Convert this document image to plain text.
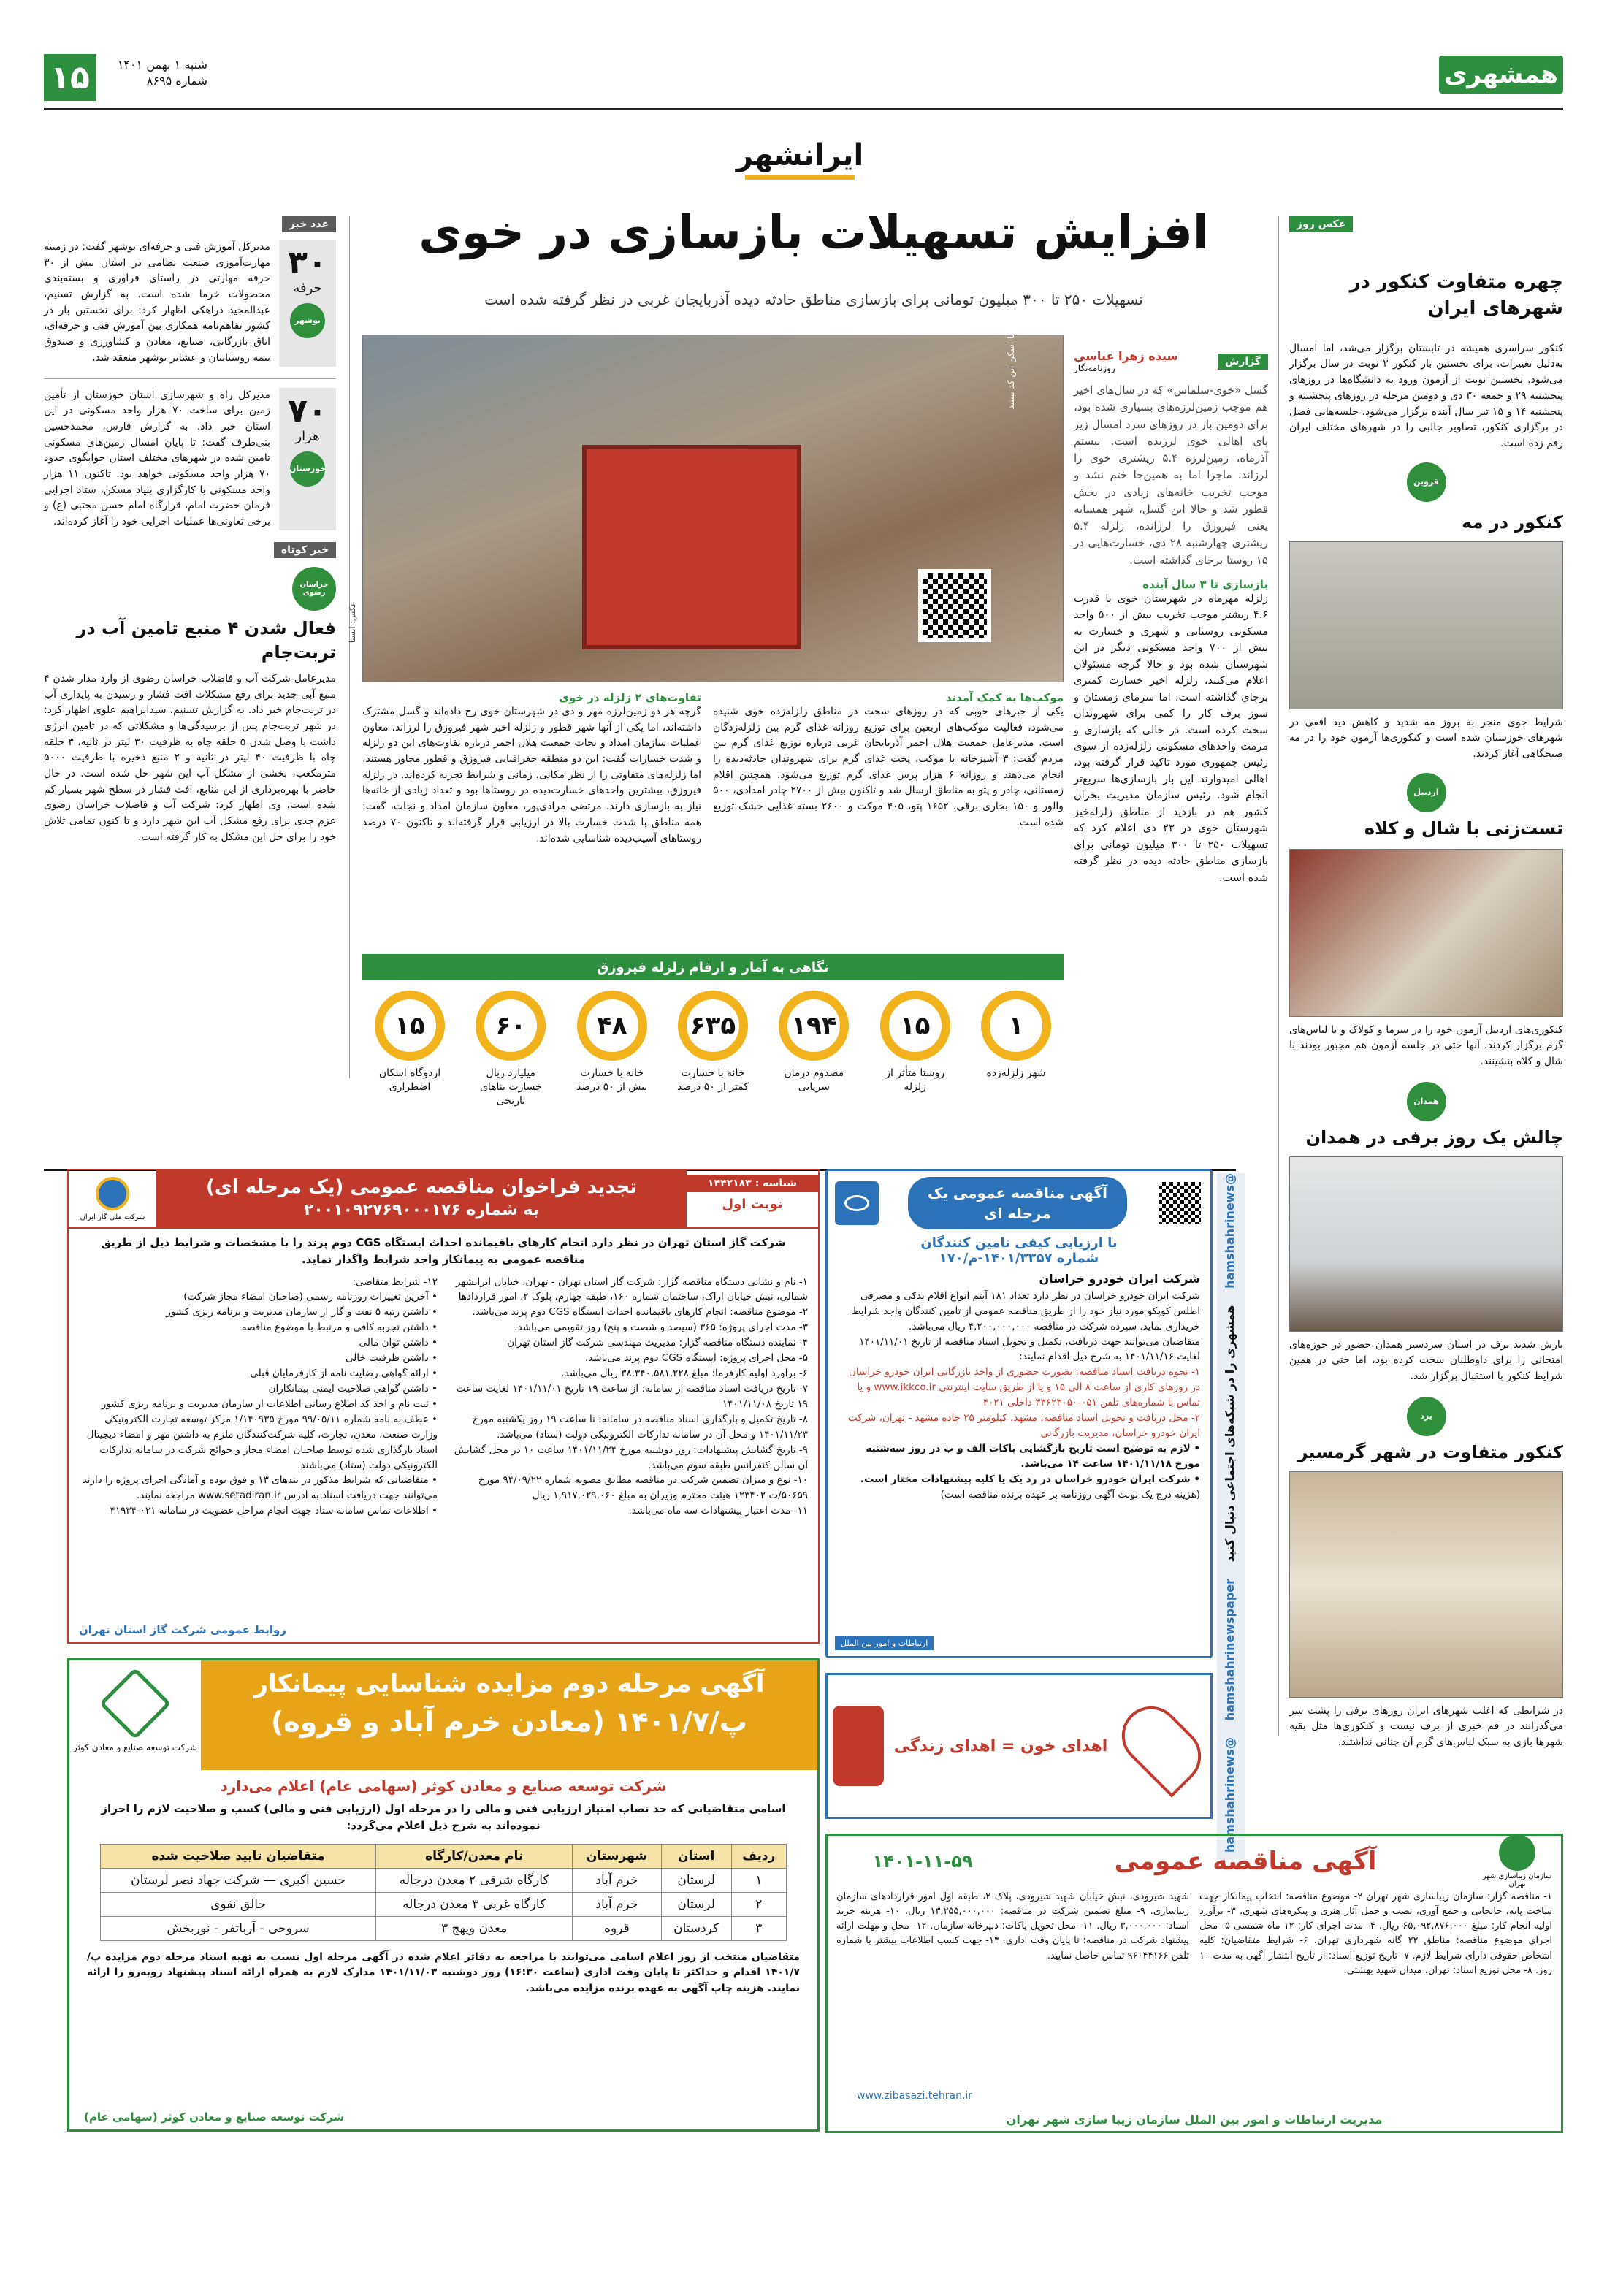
۱۵	شنبه ۱ بهمن ۱۴۰۱
شماره ۸۶۹۵	همشهری
ایرانشهر
عکس روز
چهره متفاوت کنکور در شهرهای ایران

کنکور سراسری همیشه در تابستان برگزار می‌شد، اما امسال به‌دلیل تغییرات، برای نخستین بار کنکور ۲ نوبت در سال برگزار می‌شود. نخستین نوبت از آزمون ورود به دانشگاه‌ها در روزهای پنجشنبه ۲۹ و جمعه ۳۰ دی و دومین مرحله در روزهای پنجشنبه و پنجشنبه ۱۴ و ۱۵ تیر سال آینده برگزار می‌شود. جلسه‌هایی فصل در برگزاری کنکور، تصاویر جالبی را در شهرهای مختلف ایران رقم زده است.

قزوین
کنکور در مه

شرایط جوی منجر به بروز مه شدید و کاهش دید افقی در شهرهای خوزستان شده است و کنکوری‌ها آزمون خود را در مه صبحگاهی آغاز کردند.

اردبیل
تست‌زنی با شال و کلاه

کنکوری‌های اردبیل آزمون خود را در سرما و کولاک و با لباس‌های گرم برگزار کردند. آنها حتی در جلسه آزمون هم مجبور بودند با شال و کلاه بنشینند.

همدان
چالش یک روز برفی در همدان

بارش شدید برف در استان سردسیر همدان حضور در حوزه‌های امتحانی را برای داوطلبان سخت کرده بود، اما حتی در همین شرایط کنکور با استقبال برگزار شد.

یزد
کنکور متفاوت در شهر گرمسیر

در شرایطی که اغلب شهرهای ایران روزهای برفی را پشت سر می‌گذرانند در قم خبری از برف نیست و کنکوری‌ها مثل بقیه شهرها بازی به سبک لباس‌های گرم آن چنانی نداشتند.

عدد خبر
۳۰
حرفه
بوشهر

مدیرکل آموزش فنی و حرفه‌ای بوشهر گفت: در زمینه مهارت‌آموزی صنعت نظامی در استان بیش از ۳۰ حرفه مهارتی در راستای فراوری و بسته‌بندی محصولات خرما شده است. به گزارش تسنیم، عبدالمجید دراهکی اظهار کرد: برای نخستین بار در کشور تفاهم‌نامه همکاری بین آموزش فنی و حرفه‌ای، اتاق بازرگانی، صنایع، معادن و کشاورزی و صندوق بیمه روستاییان و عشایر بوشهر منعقد شد.

۷۰
هزار
خوزستان

مدیرکل راه و شهرسازی استان خوزستان از تأمین زمین برای ساخت ۷۰ هزار واحد مسکونی در این استان خبر داد. به گزارش فارس، محمدحسین بنی‌طرف گفت: تا پایان امسال زمین‌های مسکونی تامین شده در شهرهای مختلف استان جوابگوی حدود ۷۰ هزار واحد مسکونی خواهد بود. تاکنون ۱۱ هزار واحد مسکونی با کارگزاری بنیاد مسکن، ستاد اجرایی فرمان حضرت امام، قرارگاه امام حسن مجتبی (ع) و برخی تعاونی‌ها عملیات اجرایی خود را آغاز کرده‌اند.

خبر کوتاه
خراسان رضوی
فعال شدن ۴ منبع تامین آب در تربت‌جام

مدیرعامل شرکت آب و فاضلاب خراسان رضوی از وارد مدار شدن ۴ منبع آبی جدید برای رفع مشکلات افت فشار و رسیدن به پایداری آب در تربت‌جام خبر داد. به گزارش تسنیم، سیدابراهیم علوی اظهار کرد: در شهر تربت‌جام پس از برسیدگی‌ها و مشکلاتی که در تامین انرژی داشت با وصل شدن ۵ حلقه چاه به ظرفیت ۳۰ لیتر در ثانیه، ۳ حلقه چاه با ظرفیت ۴۰ لیتر در ثانیه و ۲ منبع ذخیره با ظرفیت ۵۰۰۰ مترمکعب، بخشی از مشکل آب این شهر حل شده است. در حال حاضر با بهره‌برداری از این منابع، افت فشار در سطح شهر بسیار کم شده است. وی اظهار کرد: شرکت آب و فاضلاب خراسان رضوی عزم جدی برای رفع مشکل آب این شهر دارد و تا کنون تمامی تلاش خود را برای حل این مشکل به کار گرفته است.

افزایش تسهیلات بازسازی در خوی
تسهیلات ۲۵۰ تا ۳۰۰ میلیون تومانی برای بازسازی مناطق حادثه دیده آذربایجان غربی در نظر گرفته شده است
فیلم گزارش را با اسکن این کد ببینید
عکس: ایسنا
گزارش
سیده زهرا عباسی
روزنامه‌نگار

گسل «خوی-سلماس» که در سال‌های اخیر هم موجب زمین‌لرزه‌های بسیاری شده بود، برای دومین بار در روزهای سرد امسال زیر پای اهالی خوی لرزیده است. بیستم آذرماه، زمین‌لرزه ۵.۴ ریشتری خوی را لرزاند. ماجرا اما به همین‌جا ختم نشد و موجب تخریب خانه‌های زیادی در بخش قطور شد و حالا این گسل، شهر همسایه یعنی فیروزق را لرزانده، زلزله ۵.۴ ریشتری چهارشنبه ۲۸ دی، خسارت‌هایی در ۱۵ روستا برجای گذاشته است.

بازسازی تا ۳ سال آینده

زلزله مهرماه در شهرستان خوی با قدرت ۴.۶ ریشتر موجب تخریب بیش از ۵۰۰ واحد مسکونی روستایی و شهری و خسارت به بیش از ۷۰۰ واحد مسکونی دیگر در این شهرستان شده بود و حالا گرچه مسئولان اعلام می‌کنند، زلزله اخیر خسارت کمتری برجای گذاشته است، اما سرمای زمستان و سوز برف کار را کمی برای شهروندان سخت کرده است. در حالی که بازسازی و مرمت واحدهای مسکونی زلزله‌زده از سوی رئیس جمهوری مورد تاکید قرار گرفته بود، اهالی امیدوارند این بار بازسازی‌ها سریع‌تر انجام شود. رئیس سازمان مدیریت بحران کشور هم در بازدید از مناطق زلزله‌خیز شهرستان خوی در ۲۳ دی اعلام کرد که تسهیلات ۲۵۰ تا ۳۰۰ میلیون تومانی برای بازسازی مناطق حادثه دیده در نظر گرفته شده است.

موکب‌ها به کمک آمدند

یکی از خبرهای خوبی که در روزهای سخت در مناطق زلزله‌زده خوی شنیده می‌شود، فعالیت موکب‌های اربعین برای توزیع روزانه غذای گرم بین زلزله‌زدگان است. مدیرعامل جمعیت هلال احمر آذربایجان غربی درباره توزیع غذای گرم بین مردم گفت: ۳ آشپزخانه با موکب، پخت غذای گرم برای شهروندان حادثه‌دیده را انجام می‌دهند و روزانه ۶ هزار پرس غذای گرم توزیع می‌شود. همچنین اقلام زمستانی، چادر و پتو به مناطق ارسال شد و تاکنون بیش از ۲۷۰۰ چادر امدادی، ۵۰۰ والور و ۱۵۰ بخاری برقی، ۱۶۵۲ پتو، ۴۰۵ موکت و ۲۶۰۰ بسته غذایی خشک توزیع شده است.

تفاوت‌های ۲ زلزله در خوی

گرچه هر دو زمین‌لرزه مهر و دی در شهرستان خوی رخ داده‌اند و گسل مشترک داشته‌اند، اما یکی از آنها شهر قطور و زلزله اخیر شهر فیروزق را لرزاند. معاون عملیات سازمان امداد و نجات جمعیت هلال احمر درباره تفاوت‌های این دو زلزله و شدت خسارات گفت: این دو منطقه جغرافیایی فیروزق و قطور مجاور هستند، اما زلزله‌های متفاوتی را از نظر مکانی، زمانی و شرایط تجربه کرده‌اند. در زلزله فیروزق، بیشترین واحدهای خسارت‌دیده در روستاها بود و تعداد زیادی از خانه‌ها نیاز به بازسازی دارند. مرتضی مرادی‌پور، معاون سازمان امداد و نجات، گفت: همه مناطق با شدت خسارت بالا در ارزیابی قرار گرفته‌اند و تاکنون ۷۰ درصد روستاهای آسیب‌دیده شناسایی شده‌اند.

نگاهی به آمار و ارقام زلزله فیروزق
۱
شهر زلزله‌زده
۱۵
روستا متأثر از زلزله
۱۹۴
مصدوم درمان سرپایی
۶۳۵
خانه با خسارت کمتر از ۵۰ درصد
۴۸
خانه با خسارت بیش از ۵۰ درصد
۶۰
میلیارد ریال خسارت بناهای تاریخی
۱۵
اردوگاه اسکان اضطراری
شناسه : ۱۴۴۲۱۸۳
نوبت اول
تجدید فراخوان مناقصه عمومی (یک مرحله ای)
به شماره ۲۰۰۱۰۹۲۷۶۹۰۰۰۱۷۶
شرکت ملی گاز ایران

شرکت گاز استان تهران در نظر دارد انجام کارهای باقیمانده احداث ایستگاه CGS دوم پرند را با مشخصات و شرایط ذیل از طریق مناقصه عمومی به پیمانکار واجد شرایط واگذار نماید.

۱- نام و نشانی دستگاه مناقصه گزار: شرکت گاز استان تهران - تهران، خیابان ایرانشهر شمالی، نبش خیابان اراک، ساختمان شماره ۱۶۰، طبقه چهارم، بلوک ۲، امور قراردادها
۲- موضوع مناقصه: انجام کارهای باقیمانده احداث ایستگاه CGS دوم پرند می‌باشد.
۳- مدت اجرای پروژه: ۳۶۵ (سیصد و شصت و پنج) روز تقویمی می‌باشد.
۴- نماینده دستگاه مناقصه گزار: مدیریت مهندسی شرکت گاز استان تهران
۵- محل اجرای پروژه: ایستگاه CGS دوم پرند می‌باشد.
۶- برآورد اولیه کارفرما: مبلغ ۳۸,۳۴۰,۵۸۱,۲۲۸ ریال می‌باشد.
۷- تاریخ دریافت اسناد مناقصه از سامانه: از ساعت ۱۹ تاریخ ۱۴۰۱/۱۱/۰۱ لغایت ساعت ۱۹ تاریخ ۱۴۰۱/۱۱/۰۸
۸- تاریخ تکمیل و بارگذاری اسناد مناقصه در سامانه: تا ساعت ۱۹ روز یکشنبه مورخ ۱۴۰۱/۱۱/۲۳ و محل آن در سامانه تدارکات الکترونیکی دولت (ستاد) می‌باشد.
۹- تاریخ گشایش پیشنهادات: روز دوشنبه مورخ ۱۴۰۱/۱۱/۲۴ ساعت ۱۰ در محل گشایش آن سالن کنفرانس طبقه سوم می‌باشد.
۱۰- نوع و میزان تضمین شرکت در مناقصه مطابق مصوبه شماره ۹۴/۰۹/۲۲ مورخ ۵۰۶۵۹/ت ۱۲۳۴۰۲ هیئت محترم وزیران به مبلغ ۱,۹۱۷,۰۲۹,۰۶۰ ریال
۱۱- مدت اعتبار پیشنهادات سه ماه می‌باشد.
۱۲- شرایط متقاضی:
• آخرین تغییرات روزنامه رسمی (صاحبان امضاء مجاز شرکت)
• داشتن رتبه ۵ نفت و گاز از سازمان مدیریت و برنامه ریزی کشور
• داشتن تجربه کافی و مرتبط با موضوع مناقصه
• داشتن توان مالی
• داشتن ظرفیت خالی
• ارائه گواهی رضایت نامه از کارفرمایان قبلی
• داشتن گواهی صلاحیت ایمنی پیمانکاران
• ثبت نام و اخذ کد اطلاع رسانی اطلاعات از سازمان مدیریت و برنامه ریزی کشور
• عطف به نامه شماره ۹۹/۰۵/۱۱ مورخ ۱/۱۴۰۹۳۵ مرکز توسعه تجارت الکترونیکی وزارت صنعت، معدن، تجارت، کلیه شرکت‌کنندگان ملزم به داشتن مهر و امضاء دیجیتال اسناد بارگذاری شده توسط صاحبان امضاء مجاز و حوائج شرکت در سامانه تدارکات الکترونیکی دولت (ستاد) می‌باشند.
• متقاضیانی که شرایط مذکور در بندهای ۱۳ و فوق بوده و آمادگی اجرای پروژه را دارند می‌توانند جهت دریافت اسناد به آدرس www.setadiran.ir مراجعه نمایند.
• اطلاعات تماس سامانه ستاد جهت انجام مراحل عضویت در سامانه ۰۲۱-۴۱۹۳۴
روابط عمومی شرکت گاز استان تهران
آگهی مناقصه عمومی یک مرحله ای
با ارزیابی کیفی تامین کنندگان
شماره ۱۴۰۱/۳۳۵۷-م/۱۷۰
شرکت ایران خودرو خراسان
شرکت ایران خودرو خراسان در نظر دارد تعداد ۱۸۱ آیتم انواع اقلام یدکی و مصرفی اطلس کوپکو مورد نیاز خود را از طریق مناقصه عمومی از تامین کنندگان واجد شرایط خریداری نماید. سپرده شرکت در مناقصه ۴,۲۰۰,۰۰۰,۰۰۰ ریال می‌باشد.
متقاضیان می‌توانند جهت دریافت، تکمیل و تحویل اسناد مناقصه از تاریخ ۱۴۰۱/۱۱/۰۱ لغایت ۱۴۰۱/۱۱/۱۶ به شرح ذیل اقدام نمایند:
۱- نحوه دریافت اسناد مناقصه: بصورت حضوری از واحد بازرگانی ایران خودرو خراسان در روزهای کاری از ساعت ۸ الی ۱۵ و یا از طریق سایت اینترنتی www.ikkco.ir و یا تماس با شماره‌های تلفن ۰۵۱-۳۳۶۲۳۰۵۰ داخلی ۴۰۲۱
۲- محل دریافت و تحویل اسناد مناقصه: مشهد، کیلومتر ۲۵ جاده مشهد - تهران، شرکت ایران خودرو خراسان، مدیریت بازرگانی
• لازم به توضیح است تاریخ بازگشایی پاکات الف و ب در روز سه‌شنبه مورخ ۱۴۰۱/۱۱/۱۸ ساعت ۱۴ می‌باشد.
• شرکت ایران خودرو خراسان در رد یک یا کلیه پیشنهادات مختار است.
(هزینه درج یک نوبت آگهی روزنامه بر عهده برنده مناقصه است)
ارتباطات و امور بین الملل
@hamshahrinews
همشهری را در شبکه‌های اجتماعی دنبال کنید
hamshahrinewspaper
@hamshahrinews
اهدای خون = اهدای زندگی
آگهی مرحله دوم مزایده شناسایی پیمانکار
پ/۱۴۰۱/۷ (معادن خرم آباد و قروه)
شرکت توسعه صنایع و معادن کوثر
شرکت توسعه صنایع و معادن کوثر (سهامی عام) اعلام می‌دارد

اسامی متقاضیانی که حد نصاب امتیاز ارزیابی فنی و مالی را در مرحله اول (ارزیابی فنی و مالی) کسب و صلاحیت لازم را احراز نموده‌اند به شرح ذیل اعلام می‌گردد:

ردیف	استان	شهرستان	نام معدن/کارگاه	متقاضیان تایید صلاحیت شده
۱	لرستان	خرم آباد	کارگاه شرقی ۲ معدن درجاله	حسین اکبری — شرکت جهاد نصر لرستان
۲	لرستان	خرم آباد	کارگاه غربی ۳ معدن درجاله	خالق نقوی
۳	کردستان	قروه	معدن ویهج ۳	سروحی - آرباتفر - نوربخش

متقاضیان منتخب از روز اعلام اسامی می‌توانند با مراجعه به دفاتر اعلام شده در آگهی مرحله اول نسبت به تهیه اسناد مرحله دوم مزایده پ/۱۴۰۱/۷ اقدام و حداکثر تا پایان وقت اداری (ساعت ۱۶:۳۰) روز دوشنبه ۱۴۰۱/۱۱/۰۳ مدارک لازم به همراه ارائه اسناد پیشنهاد روبه‌رو را ارائه نمایند. هزینه چاپ آگهی به عهده برنده مزایده می‌باشد.

شرکت توسعه صنایع و معادن کوثر (سهامی عام)
سازمان زیباسازی شهر تهران
آگهی مناقصه عمومی
۱۴۰۱-۱۱-۵۹

۱- مناقصه گزار: سازمان زیباسازی شهر تهران ۲- موضوع مناقصه: انتخاب پیمانکار جهت ساخت پایه، جابجایی و جمع آوری، نصب و حمل آثار هنری و پیکره‌های شهری. ۳- برآورد اولیه انجام کار: مبلغ ۶۵,۰۹۲,۸۷۶,۰۰۰ ریال. ۴- مدت اجرای کار: ۱۲ ماه شمسی ۵- محل اجرای موضوع مناقصه: مناطق ۲۲ گانه شهرداری تهران. ۶- شرایط متقاضیان: کلیه اشخاص حقوقی دارای شرایط لازم. ۷- تاریخ توزیع اسناد: از تاریخ انتشار آگهی به مدت ۱۰ روز. ۸- محل توزیع اسناد: تهران، میدان شهید بهشتی.

شهید شیرودی، نبش خیابان شهید شیرودی، پلاک ۲، طبقه اول امور قراردادهای سازمان زیباسازی. ۹- مبلغ تضمین شرکت در مناقصه: ۱۳,۲۵۵,۰۰۰,۰۰۰ ریال. ۱۰- هزینه خرید اسناد: ۳,۰۰۰,۰۰۰ ریال. ۱۱- محل تحویل پاکات: دبیرخانه سازمان. ۱۲- محل و مهلت ارائه پیشنهاد شرکت در مناقصه: تا پایان وقت اداری. ۱۳- جهت کسب اطلاعات بیشتر با شماره تلفن ۹۶۰۴۴۱۶۶ تماس حاصل نمایید.

www.zibasazi.tehran.ir
مدیریت ارتباطات و امور بین الملل سازمان زیبا سازی شهر تهران
